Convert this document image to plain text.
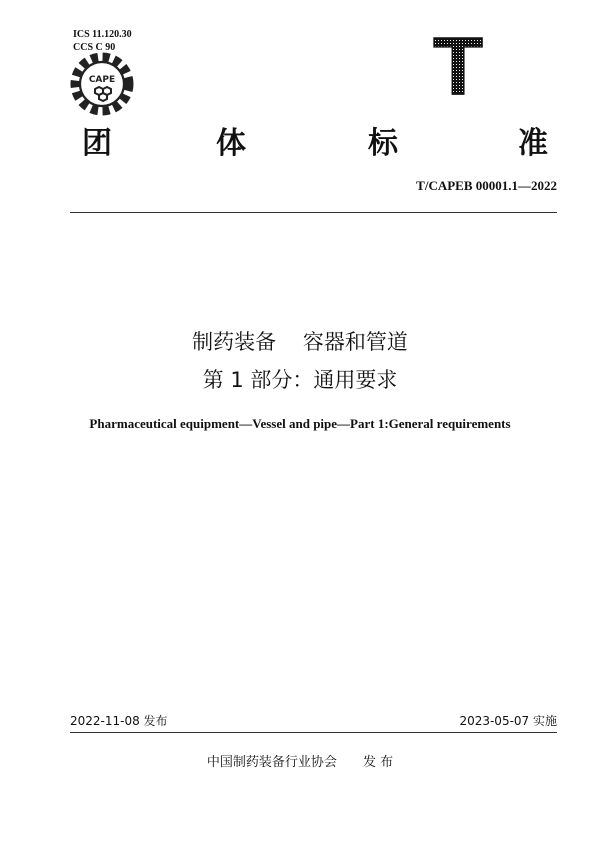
ICS 11.120.30
CCS C 90
CAPE	T
团	体	标	准
T/CAPEB 00001.1—2022
制药装备    容器和管道
第 1 部分：通用要求
Pharmaceutical equipment—Vessel and pipe—Part 1:General requirements
2022-11-08 发布	2023-05-07 实施
中国制药装备行业协会 发 布
